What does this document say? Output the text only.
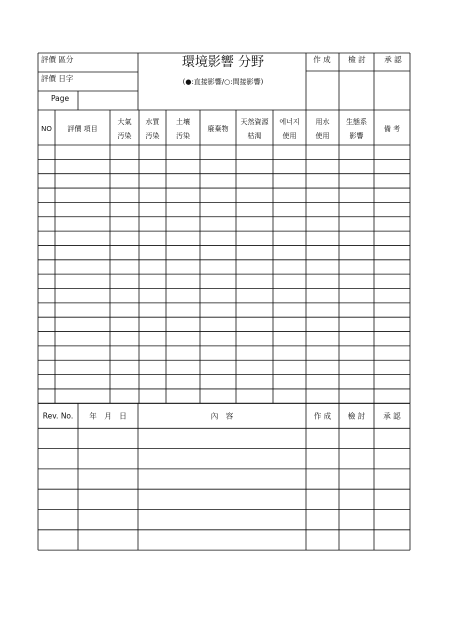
評價 區分
評價 日字
Page
環境影響 分野
(●:直接影響/○:間接影響)
作 成 檢 討 承 認
NO 評價 項目
大氣
汚染
水質
汚染
土壤
汚染
廢棄物
天然資源
枯渴
에너지
使用
用水
使用
生態系
影響
備 考
Rev. No. 年　月　日	內　容	作 成 檢 討 承 認
